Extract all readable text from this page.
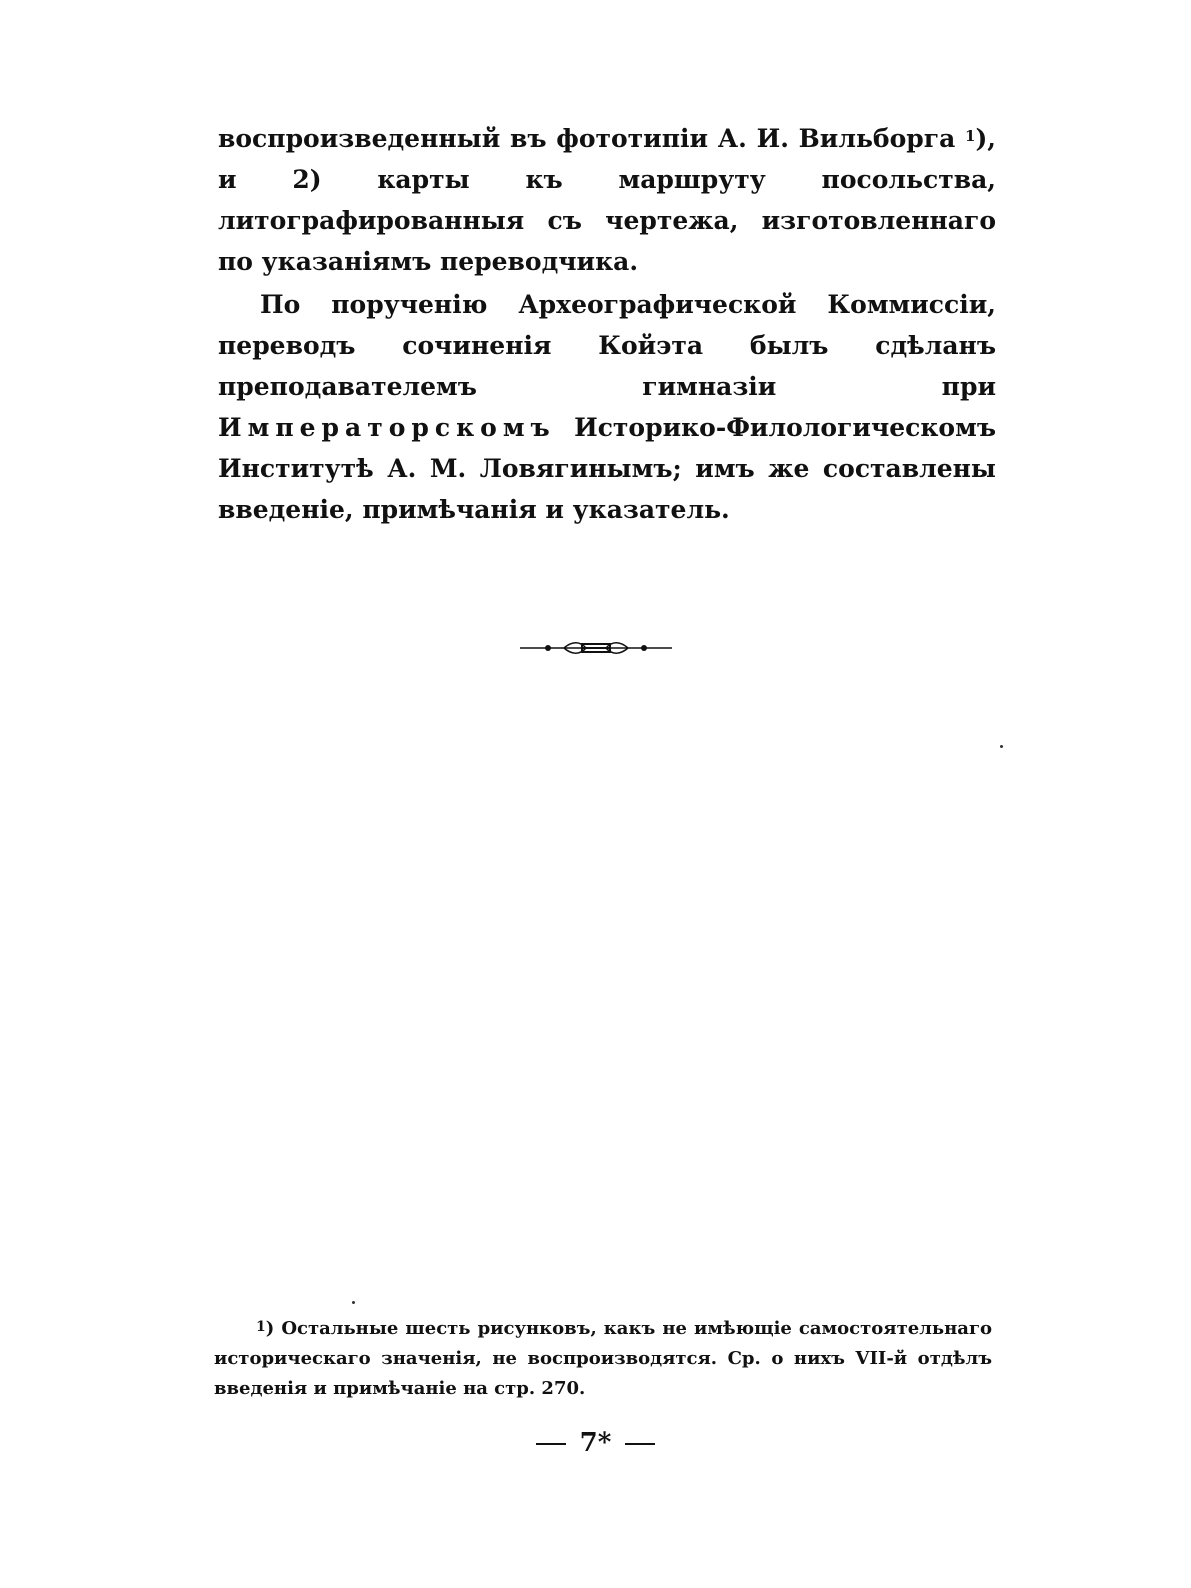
воспроизведенный въ фототипіи А. И. Вильборга $^1$), и 2) карты къ маршруту посольства, литографированныя съ чертежа, изготовленнаго по указаніямъ переводчика.

По порученію Археографической Коммиссіи, переводъ сочиненія Койэта былъ сдѣланъ преподавателемъ гимназіи при Императорскомъ Историко-Филологическомъ Институтѣ А. М. Ловягинымъ; имъ же составлены введеніе, примѣчанія и указатель.

$^1$) Остальные шесть рисунковъ, какъ не имѣющіе самостоятельнаго историческаго значенія, не воспроизводятся. Ср. о нихъ VII-й отдѣлъ введенія и примѣчаніе на стр. 270.

7*
